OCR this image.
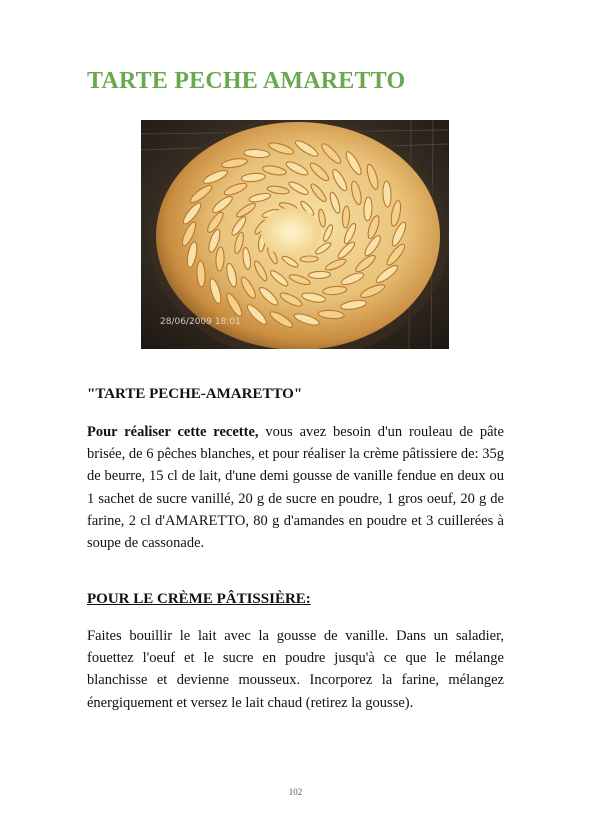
TARTE PECHE AMARETTO
28/06/2009 18:01
"TARTE PECHE-AMARETTO"

Pour réaliser cette recette, vous avez besoin d'un rouleau de pâte brisée, de 6 pêches blanches, et pour réaliser la crème pâtissiere de: 35g de beurre, 15 cl de lait, d'une demi gousse de vanille fendue en deux ou 1 sachet de sucre vanillé, 20 g de sucre en poudre, 1 gros oeuf, 20 g de farine, 2 cl d'AMARETTO, 80 g d'amandes en poudre et 3 cuillerées à soupe de cassonade.

POUR LE CRÈME PÂTISSIÈRE:

Faites bouillir le lait avec la gousse de vanille. Dans un saladier, fouettez l'oeuf et le sucre en poudre jusqu'à ce que le mélange blanchisse et devienne mousseux. Incorporez la farine, mélangez énergiquement et versez le lait chaud (retirez la gousse).

102
